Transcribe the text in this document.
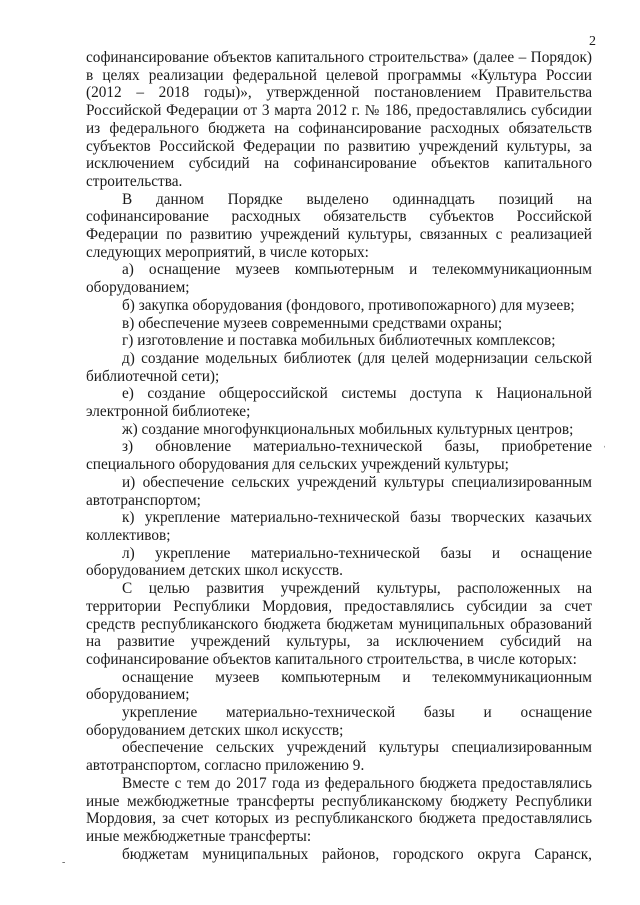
2

софинансирование объектов капитального строительства» (далее – Порядок) в целях реализации федеральной целевой программы «Культура России (2012 – 2018 годы)», утвержденной постановлением Правительства Российской Федерации от 3 марта 2012 г. № 186, предоставлялись субсидии из федерального бюджета на софинансирование расходных обязательств субъектов Российской Федерации по развитию учреждений культуры, за исключением субсидий на софинансирование объектов капитального строительства.

В данном Порядке выделено одиннадцать позиций на софинансирование расходных обязательств субъектов Российской Федерации по развитию учреждений культуры, связанных с реализацией следующих мероприятий, в числе которых:

а) оснащение музеев компьютерным и телекоммуникационным оборудованием;

б) закупка оборудования (фондового, противопожарного) для музеев;

в) обеспечение музеев современными средствами охраны;

г) изготовление и поставка мобильных библиотечных комплексов;

д) создание модельных библиотек (для целей модернизации сельской библиотечной сети);

е) создание общероссийской системы доступа к Национальной электронной библиотеке;

ж) создание многофункциональных мобильных культурных центров;

з) обновление материально-технической базы, приобретение специального оборудования для сельских учреждений культуры;

и) обеспечение сельских учреждений культуры специализированным автотранспортом;

к) укрепление материально-технической базы творческих казачьих коллективов;

л) укрепление материально-технической базы и оснащение оборудованием детских школ искусств.

С целью развития учреждений культуры, расположенных на территории Республики Мордовия, предоставлялись субсидии за счет средств республиканского бюджета бюджетам муниципальных образований на развитие учреждений культуры, за исключением субсидий на софинансирование объектов капитального строительства, в числе которых:

оснащение музеев компьютерным и телекоммуникационным оборудованием;

укрепление материально-технической базы и оснащение оборудованием детских школ искусств;

обеспечение сельских учреждений культуры специализированным автотранспортом, согласно приложению 9.

Вместе с тем до 2017 года из федерального бюджета предоставлялись иные межбюджетные трансферты республиканскому бюджету Республики Мордовия, за счет которых из республиканского бюджета предоставлялись иные межбюджетные трансферты:

бюджетам муниципальных районов, городского округа Саранск,

ˈ
-
